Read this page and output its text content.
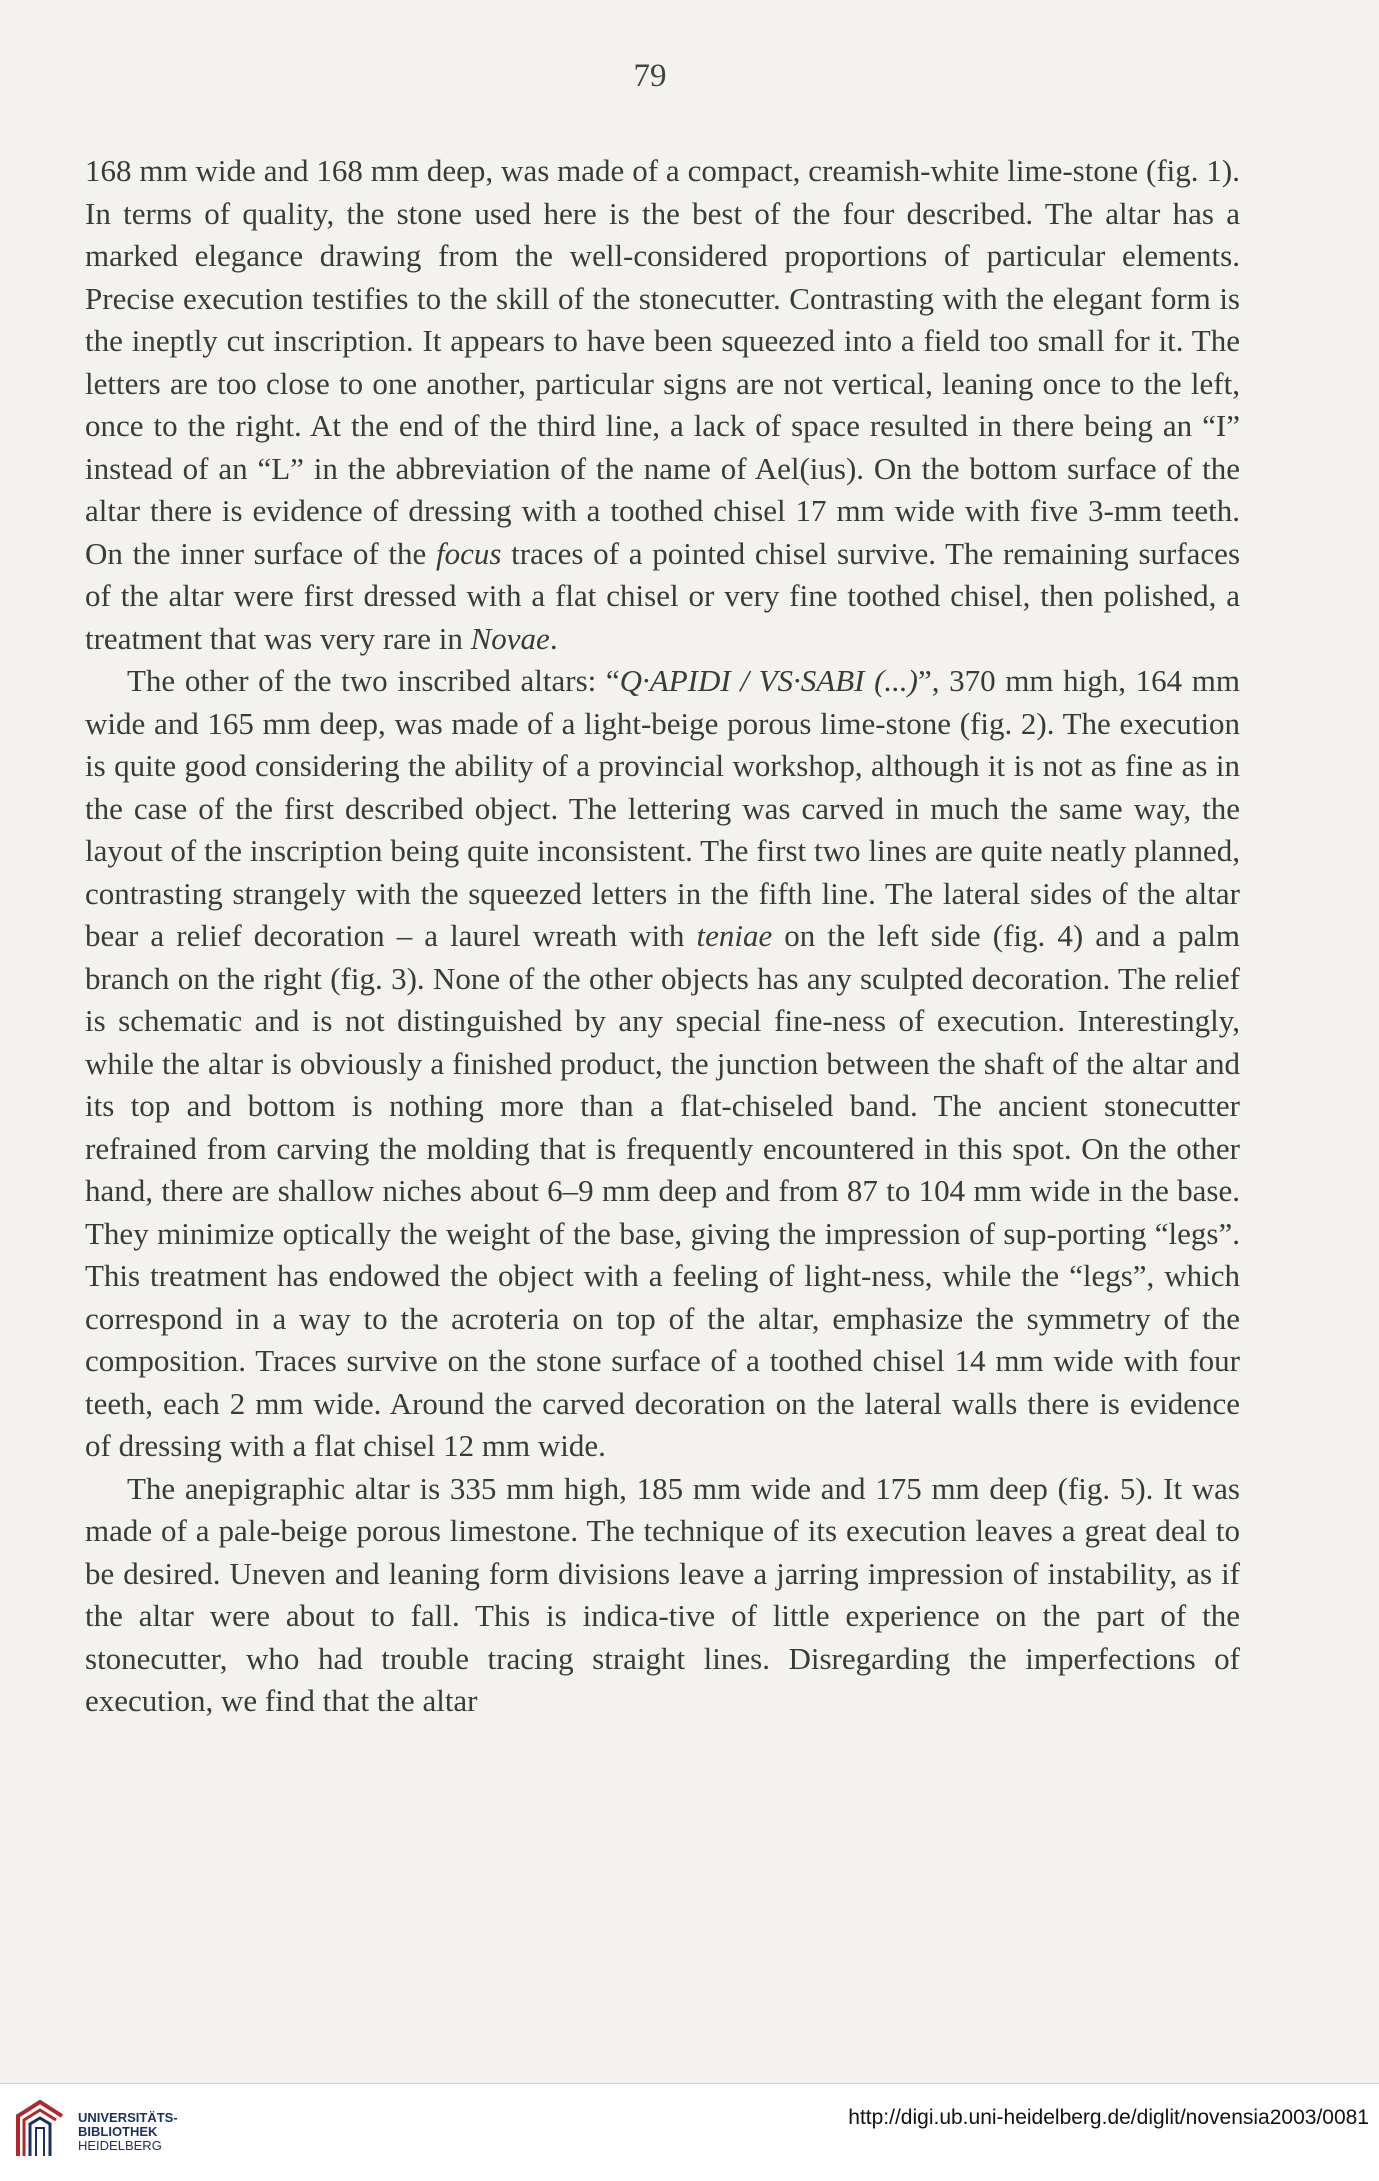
79

168 mm wide and 168 mm deep, was made of a compact, creamish-white lime-stone (fig. 1). In terms of quality, the stone used here is the best of the four described. The altar has a marked elegance drawing from the well-considered proportions of particular elements. Precise execution testifies to the skill of the stonecutter. Contrasting with the elegant form is the ineptly cut inscription. It appears to have been squeezed into a field too small for it. The letters are too close to one another, particular signs are not vertical, leaning once to the left, once to the right. At the end of the third line, a lack of space resulted in there being an “I” instead of an “L” in the abbreviation of the name of Ael(ius). On the bottom surface of the altar there is evidence of dressing with a toothed chisel 17 mm wide with five 3-mm teeth. On the inner surface of the focus traces of a pointed chisel survive. The remaining surfaces of the altar were first dressed with a flat chisel or very fine toothed chisel, then polished, a treatment that was very rare in Novae.

The other of the two inscribed altars: “Q·APIDI / VS·SABI (...)”, 370 mm high, 164 mm wide and 165 mm deep, was made of a light-beige porous lime-stone (fig. 2). The execution is quite good considering the ability of a provincial workshop, although it is not as fine as in the case of the first described object. The lettering was carved in much the same way, the layout of the inscription being quite inconsistent. The first two lines are quite neatly planned, contrasting strangely with the squeezed letters in the fifth line. The lateral sides of the altar bear a relief decoration – a laurel wreath with teniae on the left side (fig. 4) and a palm branch on the right (fig. 3). None of the other objects has any sculpted decoration. The relief is schematic and is not distinguished by any special fine-ness of execution. Interestingly, while the altar is obviously a finished product, the junction between the shaft of the altar and its top and bottom is nothing more than a flat-chiseled band. The ancient stonecutter refrained from carving the molding that is frequently encountered in this spot. On the other hand, there are shallow niches about 6–9 mm deep and from 87 to 104 mm wide in the base. They minimize optically the weight of the base, giving the impression of sup-porting “legs”. This treatment has endowed the object with a feeling of light-ness, while the “legs”, which correspond in a way to the acroteria on top of the altar, emphasize the symmetry of the composition. Traces survive on the stone surface of a toothed chisel 14 mm wide with four teeth, each 2 mm wide. Around the carved decoration on the lateral walls there is evidence of dressing with a flat chisel 12 mm wide.

The anepigraphic altar is 335 mm high, 185 mm wide and 175 mm deep (fig. 5). It was made of a pale-beige porous limestone. The technique of its execution leaves a great deal to be desired. Uneven and leaning form divisions leave a jarring impression of instability, as if the altar were about to fall. This is indica-tive of little experience on the part of the stonecutter, who had trouble tracing straight lines. Disregarding the imperfections of execution, we find that the altar

UNIVERSITÄTS-
BIBLIOTHEK
HEIDELBERG
http://digi.ub.uni-heidelberg.de/diglit/novensia2003/0081
